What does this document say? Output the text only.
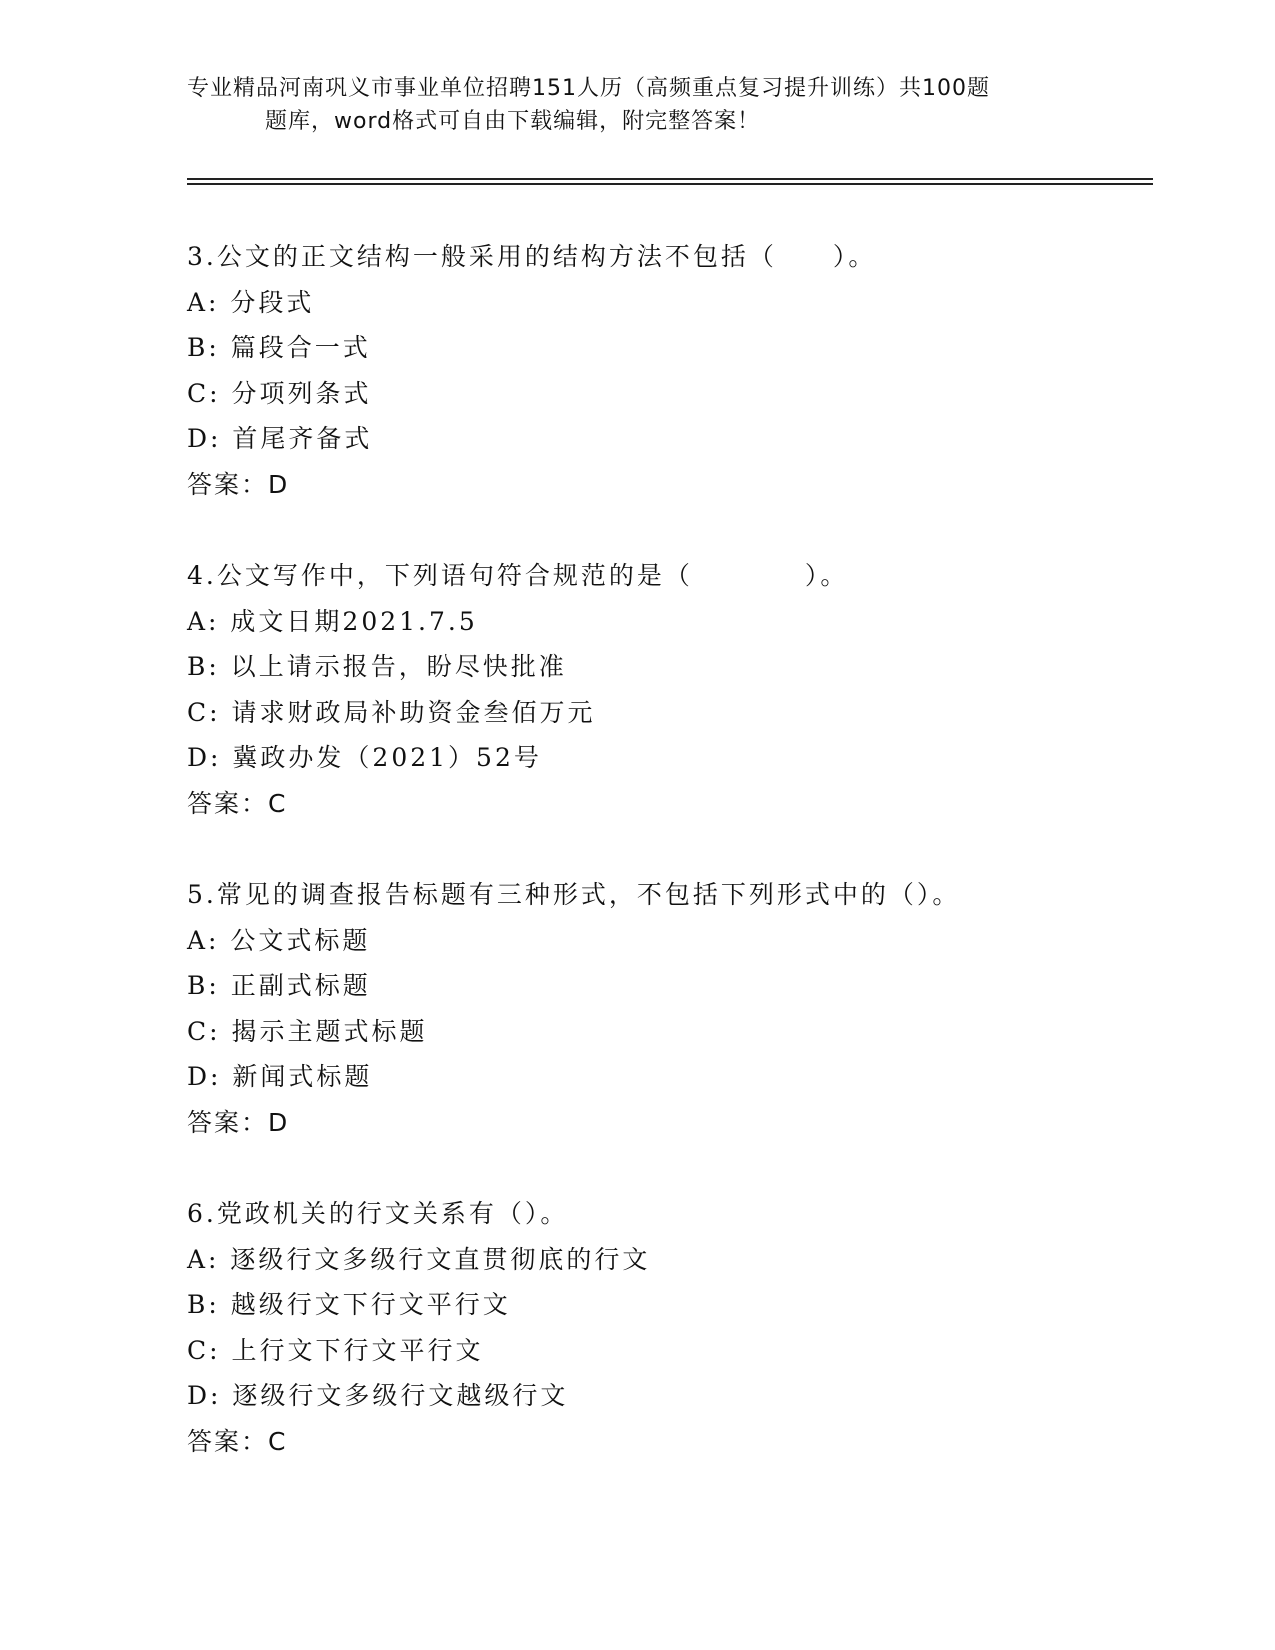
专业精品河南巩义市事业单位招聘151人历（高频重点复习提升训练）共100题
题库，word格式可自由下载编辑，附完整答案！
3.公文的正文结构一般采用的结构方法不包括（　　）。
A: 分段式
B: 篇段合一式
C: 分项列条式
D: 首尾齐备式
答案：D
4.公文写作中，下列语句符合规范的是（　　　　）。
A: 成文日期2021.7.5
B: 以上请示报告，盼尽快批准
C: 请求财政局补助资金叁佰万元
D: 冀政办发（2021）52号
答案：C
5.常见的调查报告标题有三种形式，不包括下列形式中的（）。
A: 公文式标题
B: 正副式标题
C: 揭示主题式标题
D: 新闻式标题
答案：D
6.党政机关的行文关系有（）。
A: 逐级行文多级行文直贯彻底的行文
B: 越级行文下行文平行文
C: 上行文下行文平行文
D: 逐级行文多级行文越级行文
答案：C
